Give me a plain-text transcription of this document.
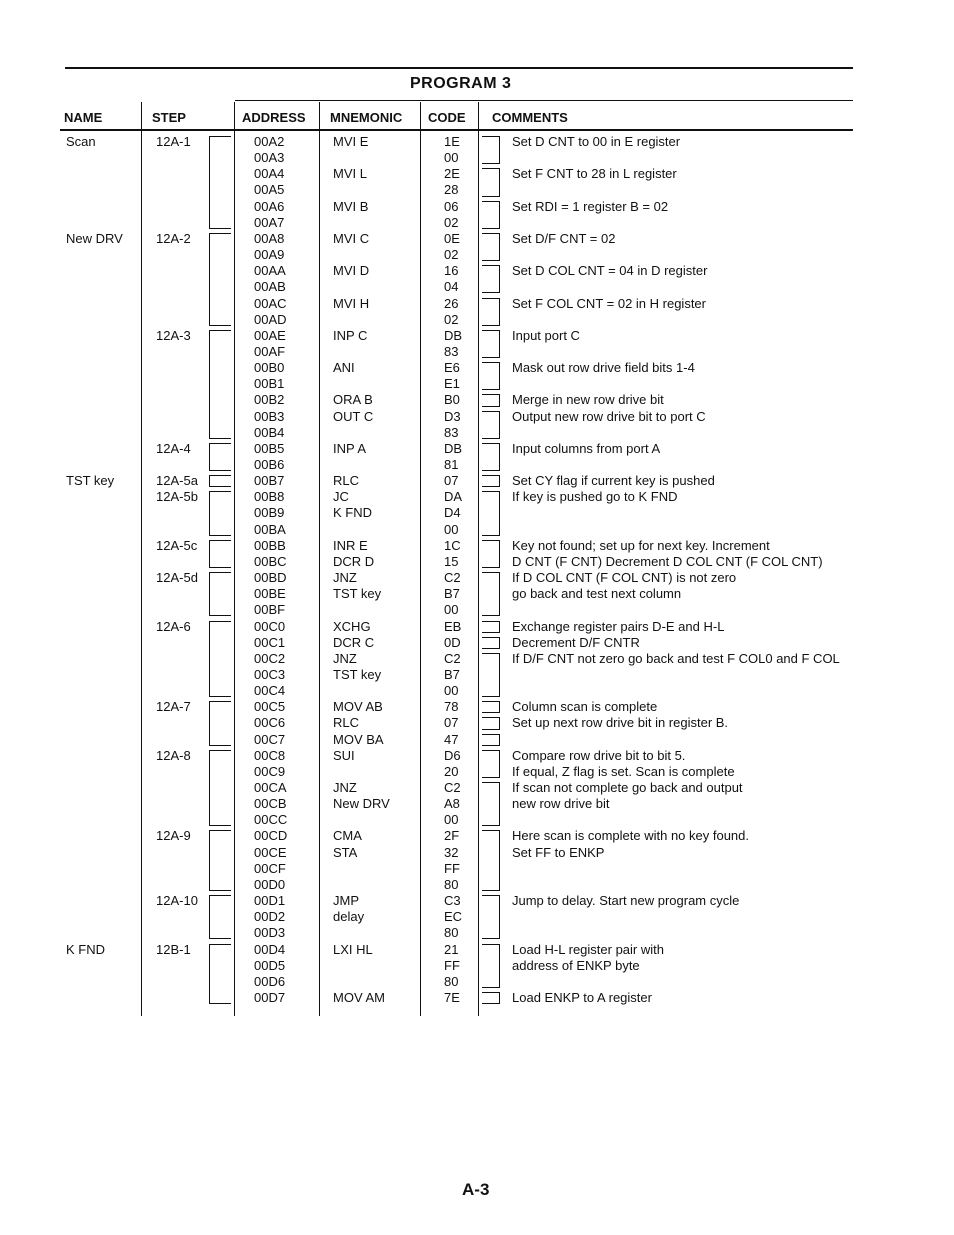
PROGRAM 3
NAME	STEP	ADDRESS MNEMONIC CODE COMMENTS
Scan	12A-1	00A2	MVI E	1E	Set D CNT to 00 in E register
00A3	00
00A4	MVI L	2E	Set F CNT to 28 in L register
00A5	28
00A6	MVI B	06	Set RDI = 1 register B = 02
00A7	02
New DRV	12A-2	00A8	MVI C	0E	Set D/F CNT = 02
00A9	02
00AA	MVI D	16	Set D COL CNT = 04 in D register
00AB	04
00AC	MVI H	26	Set F COL CNT = 02 in H register
00AD	02
12A-3	00AE	INP C	DB	Input port C
00AF	83
00B0	ANI	E6	Mask out row drive field bits 1-4
00B1	E1
00B2	ORA B	B0	Merge in new row drive bit
00B3	OUT C	D3	Output new row drive bit to port C
00B4	83
12A-4	00B5	INP A	DB	Input columns from port A
00B6	81
TST key	12A-5a	00B7	RLC	07	Set CY flag if current key is pushed
12A-5b	00B8	JC	DA	If key is pushed go to K FND
00B9	K FND	D4
00BA	00
12A-5c	00BB	INR E	1C	Key not found; set up for next key. Increment
00BC	DCR D	15	D CNT (F CNT) Decrement D COL CNT (F COL CNT)
12A-5d	00BD	JNZ	C2	If D COL CNT (F COL CNT) is not zero
00BE	TST key	B7	go back and test next column
00BF	00
12A-6	00C0	XCHG	EB	Exchange register pairs D-E and H-L
00C1	DCR C	0D	Decrement D/F CNTR
00C2	JNZ	C2	If D/F CNT not zero go back and test F COL0 and F COL
00C3	TST key	B7
00C4	00
12A-7	00C5	MOV AB	78	Column scan is complete
00C6	RLC	07	Set up next row drive bit in register B.
00C7	MOV BA	47
12A-8	00C8	SUI	D6	Compare row drive bit to bit 5.
00C9	20	If equal, Z flag is set. Scan is complete
00CA	JNZ	C2	If scan not complete go back and output
00CB	New DRV	A8	new row drive bit
00CC	00
12A-9	00CD	CMA	2F	Here scan is complete with no key found.
00CE	STA	32	Set FF to ENKP
00CF	FF
00D0	80
12A-10	00D1	JMP	C3	Jump to delay. Start new program cycle
00D2	delay	EC
00D3	80
K FND	12B-1	00D4	LXI HL	21	Load H-L register pair with
00D5	FF	address of ENKP byte
00D6	80
00D7	MOV AM	7E	Load ENKP to A register
A-3
